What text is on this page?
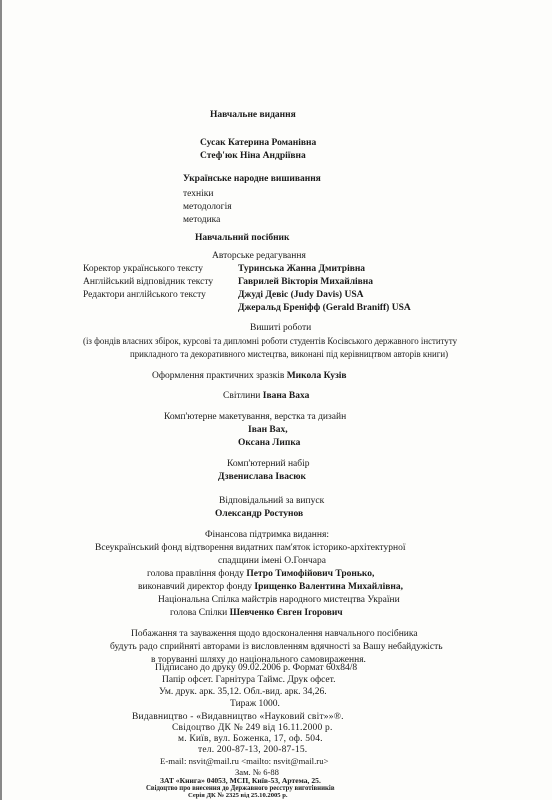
Навчальне видання
Сусак Катерина Романівна
Стеф'юк Ніна Андріївна
Українське народне вишивання
техніки
методологія
методика
Навчальний посібник
Авторське редагування
Коректор українського тексту	Туринська Жанна Дмитрівна
Англійський відповідник тексту	Гаврилей Вікторія Михайлівна
Редактори англійського тексту	Джуді Девіс (Judy Davis) USA
Джеральд Бреніфф (Gerald Braniff) USA
Вишиті роботи
(із фондів власних збірок, курсові та дипломні роботи студентів Косівського державного інституту
прикладного та декоративного мистецтва, виконані під керівництвом авторів книги)
Оформлення практичних зразків Микола Кузів
Світлини Івана Ваха
Комп'ютерне макетування, верстка та дизайн
Іван Вах,
Оксана Липка
Комп'ютерний набір
Дзвенислава Івасюк
Відповідальний за випуск
Олександр Ростунов
Фінансова підтримка видання:
Всеукраїнський фонд відтворення видатних пам'яток історико-архітектурної
спадщини імені О.Гончара
голова правління фонду Петро Тимофійович Тронько,
виконавчий директор фонду Ірищенко Валентина Михайлівна,
Національна Спілка майстрів народного мистецтва України
голова Спілки Шевченко Євген Ігорович
Побажання та зауваження щодо вдосконалення навчального посібника
будуть радо сприйняті авторами із висловленням вдячності за Вашу небайдужість
в торуванні шляху до національного самовираження.
Підписано до друку 09.02.2006 р. Формат 60х84/8
Папір офсет. Гарнітура Таймс. Друк офсет.
Ум. друк. арк. 35,12. Обл.-вид. арк. 34,26.
Тираж 1000.
Видавництво - «Видавництво «Науковий світ»»®.
Свідоцтво ДК № 249 від 16.11.2000 р.
м. Київ, вул. Боженка, 17, оф. 504.
тел. 200-87-13, 200-87-15.
E-mail: nsvit@mail.ru <mailto: nsvit@mail.ru>
Зам. № 6-88
ЗАТ «Книга» 04053, МСП, Київ-53, Артема, 25.
Свідоцтво про внесення до Державного реєстру виготівників
Серія ДК № 2325 від 25.10.2005 р.
